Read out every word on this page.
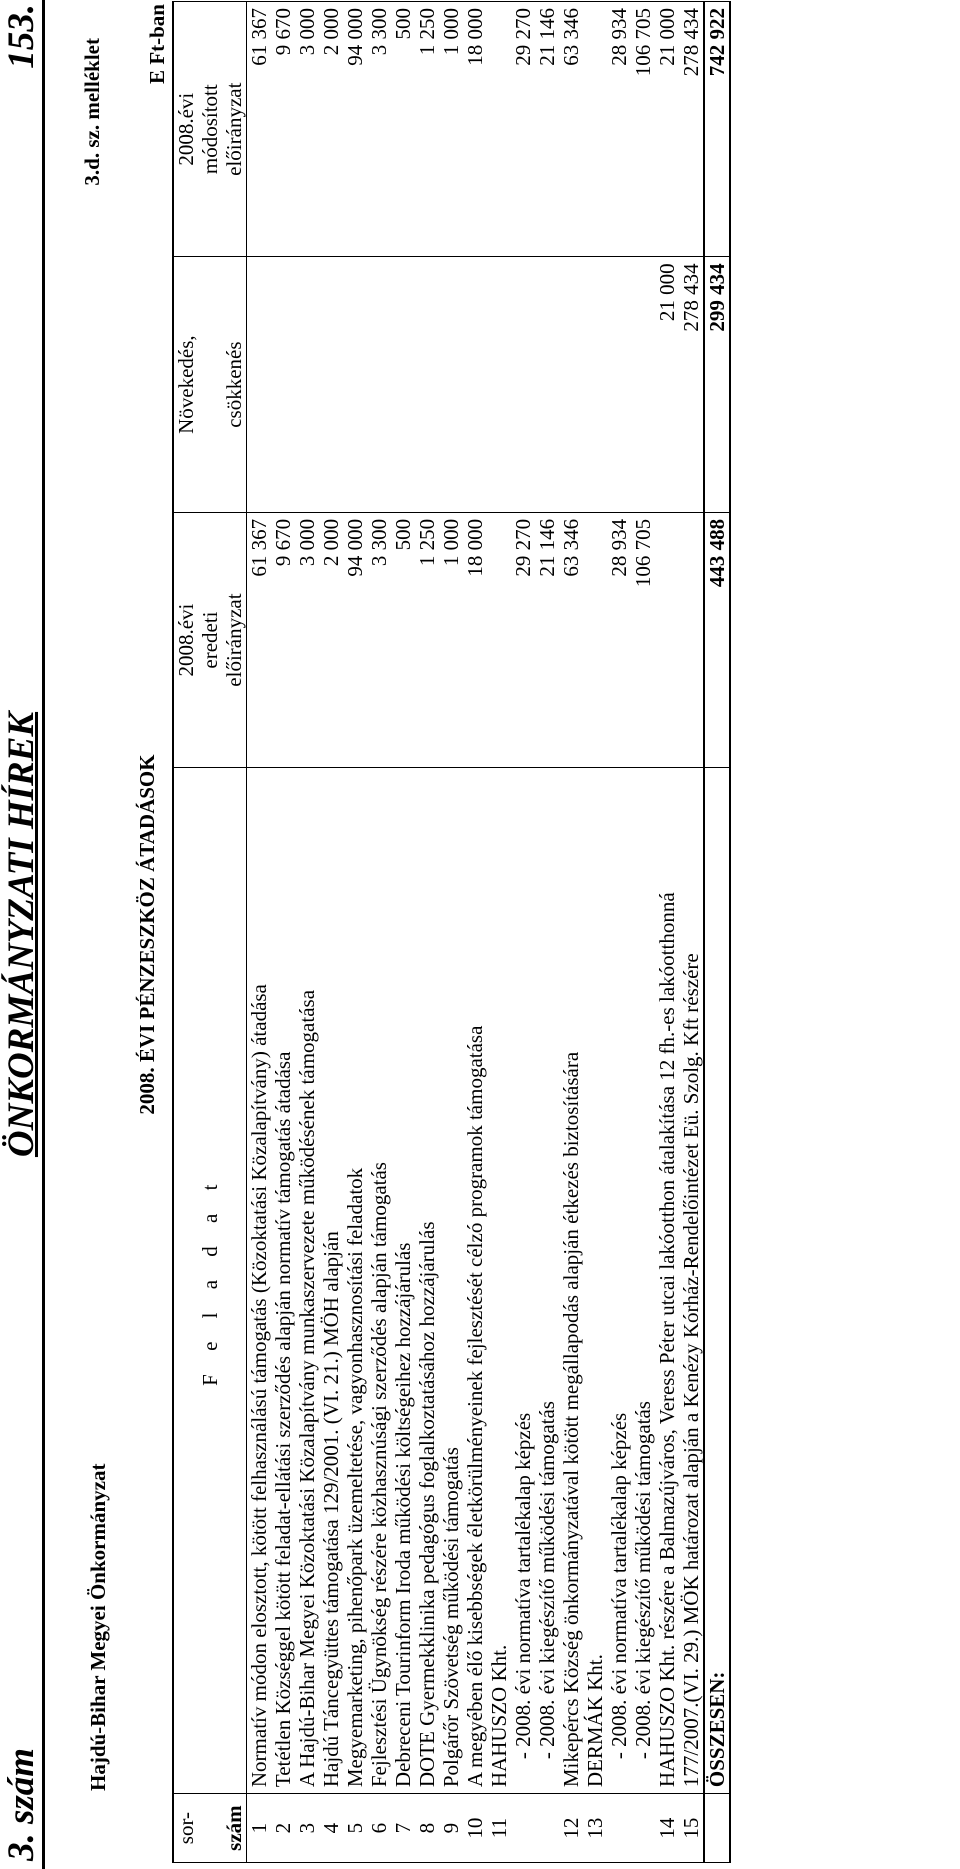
3. szám
ÖNKORMÁNYZATI HÍREK
153.
Hajdú-Bihar Megyei Önkormányzat
3.d. sz. melléklet
2008. ÉVI PÉNZESZKÖZ ÁTADÁSOK
E Ft-ban
sor-		2008.évi	Növekedés,	2008.évi
	F e l a d a t	eredeti		módosított
szám		előirányzat	csökkenés	előirányzat
1	Normatív módon elosztott, kötött felhasználású támogatás (Közoktatási Közalapítvány) átadása	61 367		61 367
2	Tetétlen Községgel kötött feladat-ellátási szerződés alapján normatív támogatás átadása	9 670		9 670
3	A Hajdú-Bihar Megyei Közoktatási Közalapítvány munkaszervezete működésének támogatása	3 000		3 000
4	Hajdú Táncegyüttes támogatása 129/2001. (VI. 21.) MÖH alapján	2 000		2 000
5	Megyemarketing, pihenőpark üzemeltetése, vagyonhasznosítási feladatok	94 000		94 000
6	Fejlesztési Ügynökség részére közhasznúsági szerződés alapján támogatás	3 300		3 300
7	Debreceni Tourinform Iroda működési költségeihez hozzájárulás	500		500
8	DOTE Gyermekklinika pedagógus foglalkoztatásához hozzájárulás	1 250		1 250
9	Polgárőr Szövetség működési támogatás	1 000		1 000
10	A megyében élő kisebbségek életkörülményeinek fejlesztését célzó programok támogatása	18 000		18 000
11	HAHUSZO Kht.			
	- 2008. évi normatíva tartalékalap képzés	29 270		29 270
	- 2008. évi kiegészítő működési támogatás	21 146		21 146
12	Mikepércs Község önkormányzatával kötött megállapodás alapján étkezés biztosítására	63 346		63 346
13	DERMÁK Kht.			
	- 2008. évi normatíva tartalékalap képzés	28 934		28 934
	- 2008. évi kiegészítő működési támogatás	106 705		106 705
14	HAHUSZO Kht. részére a Balmazújváros, Veress Péter utcai lakóotthon átalakítása 12 fh.-es lakóotthonná		21 000	21 000
15	177/2007.(VI. 29.) MÖK határozat alapján a Kenézy Kórház-Rendelőintézet Eü. Szolg. Kft részére		278 434	278 434
	ÖSSZESEN:	443 488	299 434	742 922
